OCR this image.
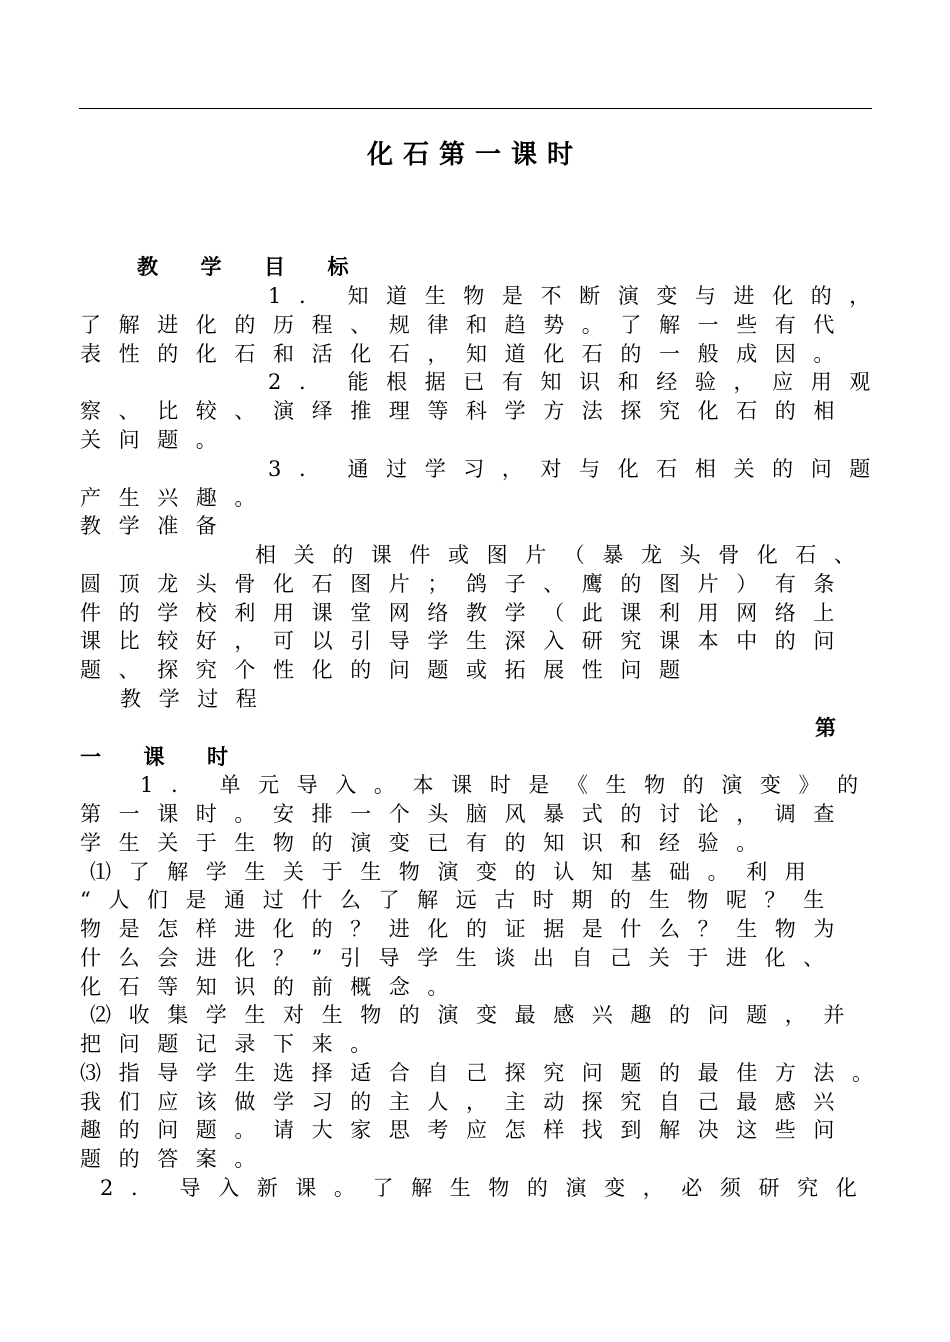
化石第一课时
教 学 目 标
1. 知道生物是不断演变与进化的，
了解进化的历程、规律和趋势。了解一些有代
表性的化石和活化石，知道化石的一般成因。
2. 能根据已有知识和经验，应用观
察、比较、演绎推理等科学方法探究化石的相
关问题。
3. 通过学习，对与化石相关的问题
产生兴趣。
教学准备
相关的课件或图片（暴龙头骨化石、
圆顶龙头骨化石图片；鸽子、鹰的图片）有条
件的学校利用课堂网络教学（此课利用网络上
课比较好，可以引导学生深入研究课本中的问
题、探究个性化的问题或拓展性问题
教学过程
第
一 课 时
1. 单元导入。本课时是《生物的演变》的
第一课时。安排一个头脑风暴式的讨论，调查
学生关于生物的演变已有的知识和经验。
⑴了解学生关于生物演变的认知基础。利用
“人们是通过什么了解远古时期的生物呢？生
物是怎样进化的？进化的证据是什么？生物为
什么会进化？”引导学生谈出自己关于进化、
化石等知识的前概念。
⑵收集学生对生物的演变最感兴趣的问题，并
把问题记录下来。
⑶指导学生选择适合自己探究问题的最佳方法。
我们应该做学习的主人，主动探究自己最感兴
趣的问题。请大家思考应怎样找到解决这些问
题的答案。
2. 导入新课。了解生物的演变，必须研究化
